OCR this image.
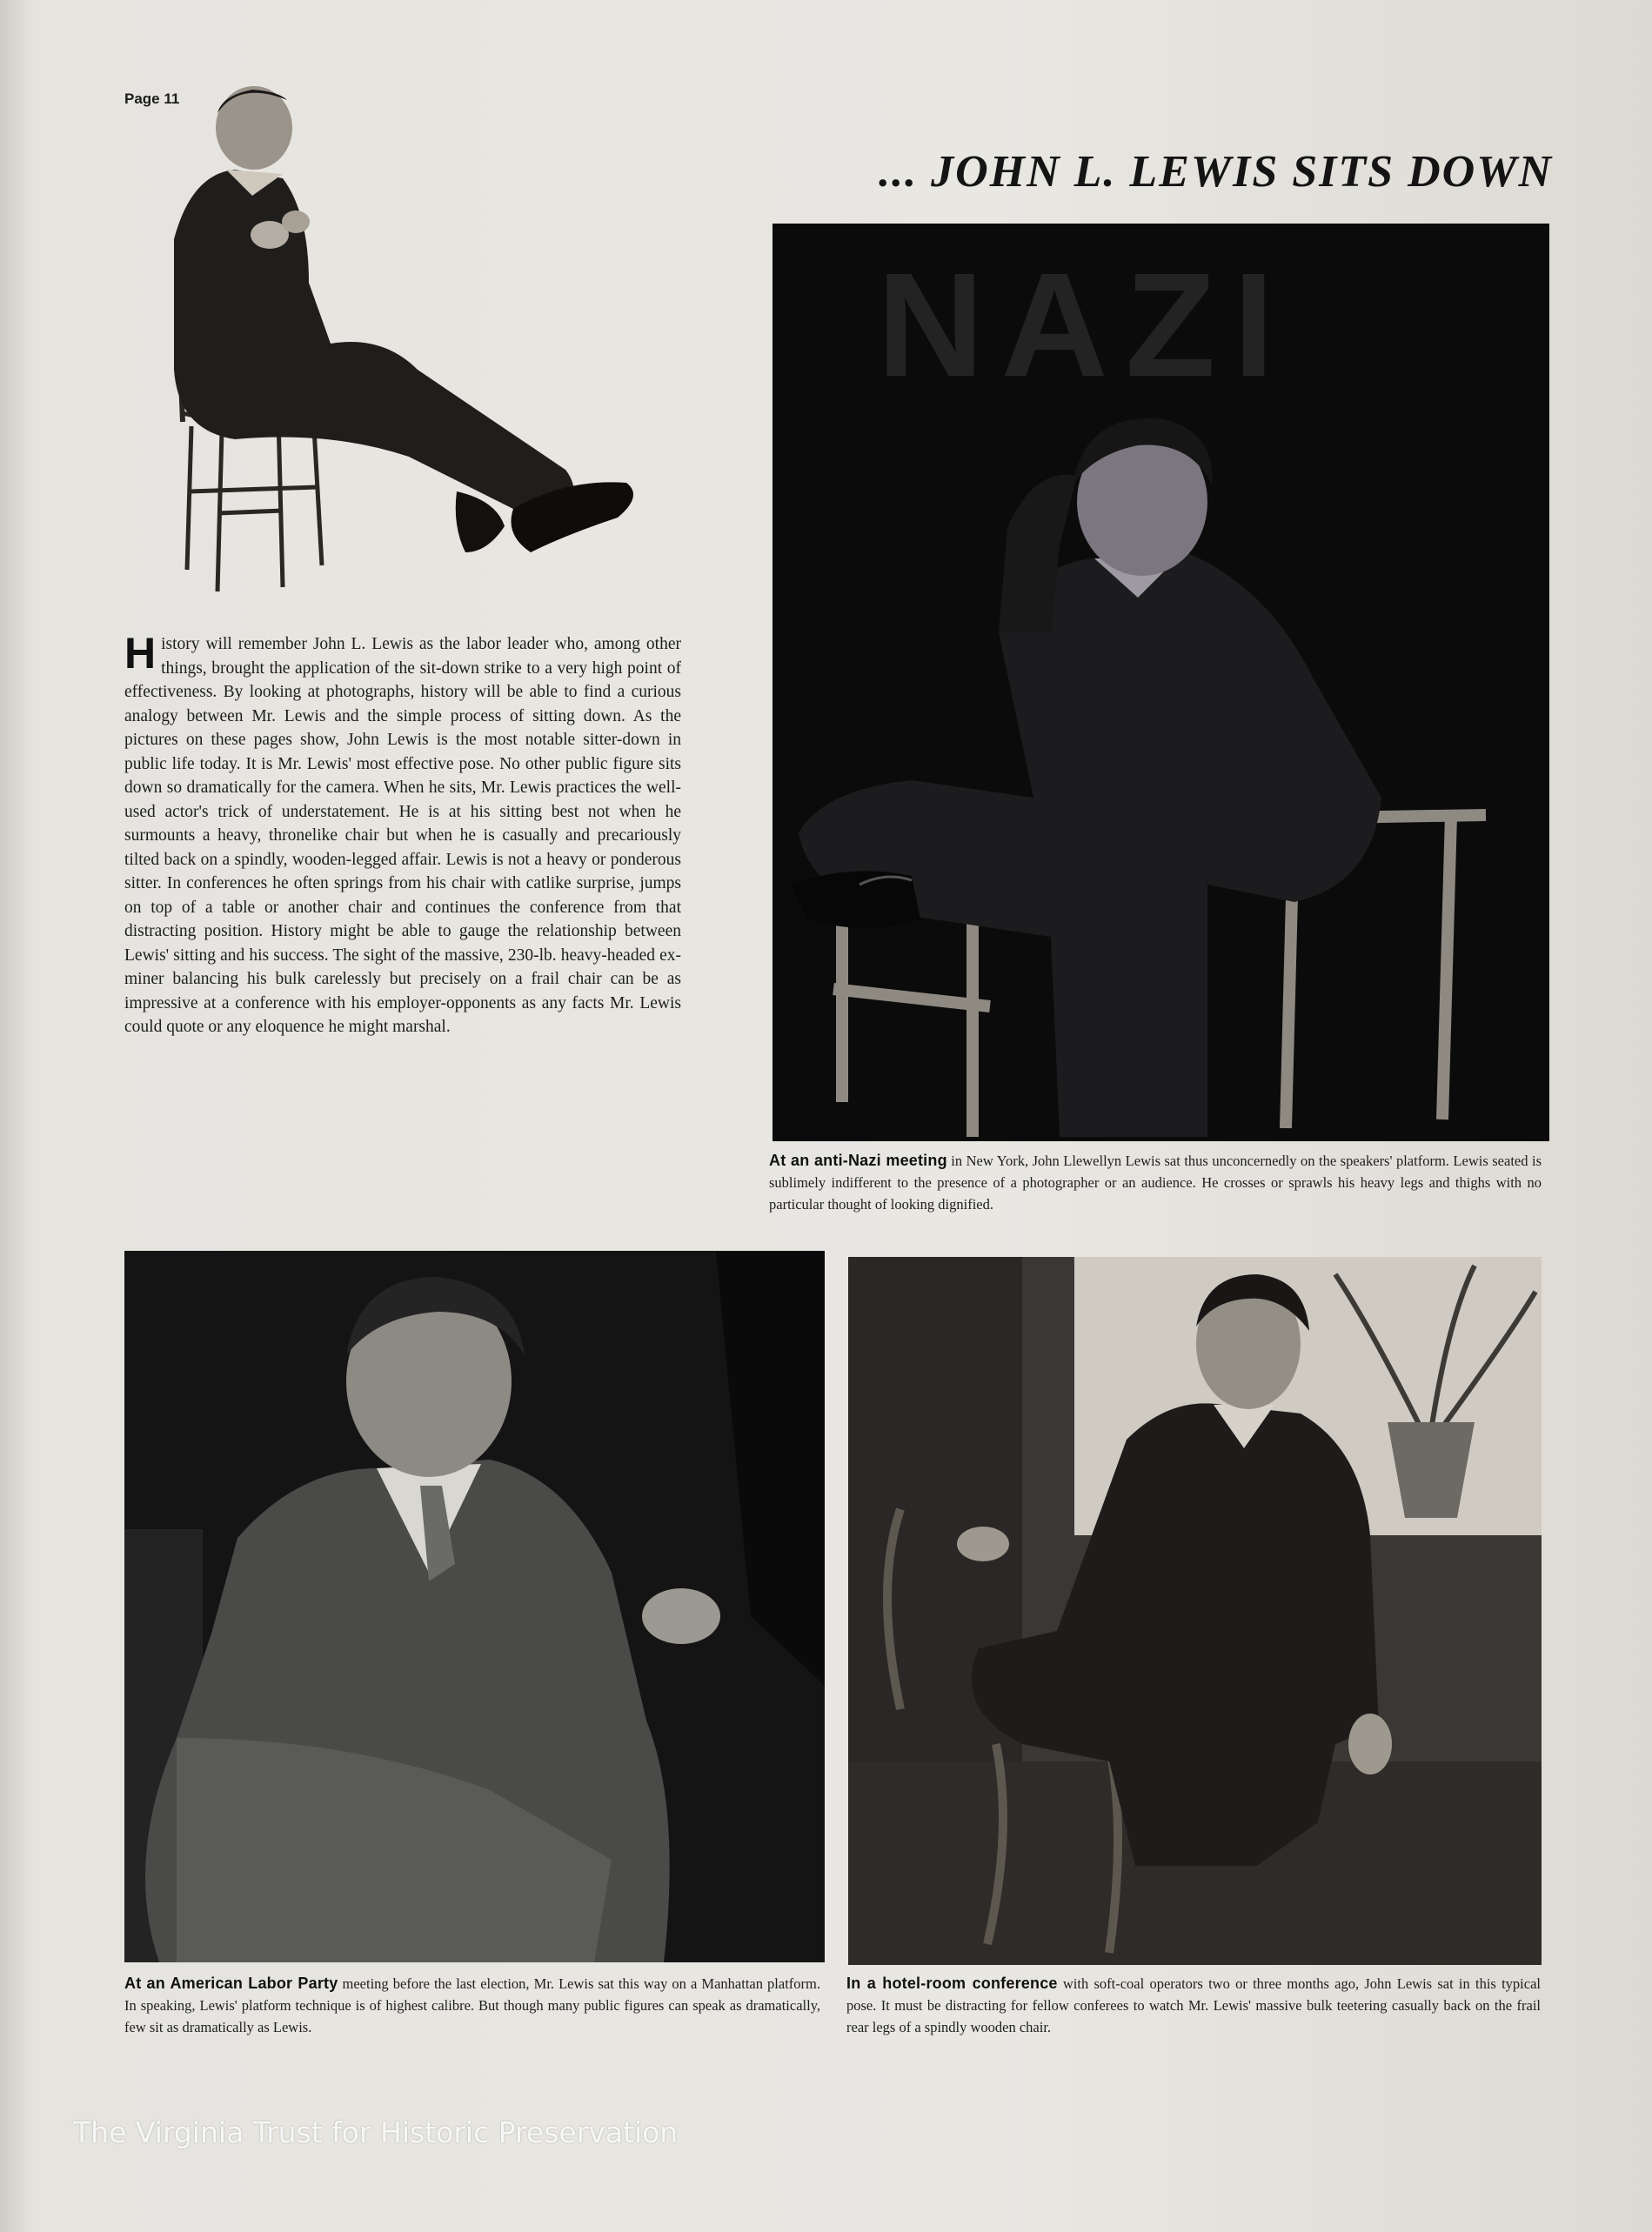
Page 11
... JOHN L. LEWIS SITS DOWN
History will remember John L. Lewis as the labor leader who, among other things, brought the application of the sit-down strike to a very high point of effectiveness. By looking at photographs, history will be able to find a curious analogy between Mr. Lewis and the simple process of sitting down. As the pictures on these pages show, John Lewis is the most notable sitter-down in public life today. It is Mr. Lewis' most effective pose. No other public figure sits down so dramatically for the camera. When he sits, Mr. Lewis practices the well-used actor's trick of understatement. He is at his sitting best not when he surmounts a heavy, thronelike chair but when he is casually and precariously tilted back on a spindly, wooden-legged affair. Lewis is not a heavy or ponderous sitter. In conferences he often springs from his chair with catlike surprise, jumps on top of a table or another chair and continues the conference from that distracting position. History might be able to gauge the relationship between Lewis' sitting and his success. The sight of the massive, 230-lb. heavy-headed ex-miner balancing his bulk carelessly but precisely on a frail chair can be as impressive at a conference with his employer-opponents as any facts Mr. Lewis could quote or any eloquence he might marshal.
NAZI
At an anti-Nazi meeting in New York, John Llewellyn Lewis sat thus unconcernedly on the speakers' platform. Lewis seated is sublimely indifferent to the presence of a photographer or an audience. He crosses or sprawls his heavy legs and thighs with no particular thought of looking dignified.
At an American Labor Party meeting before the last election, Mr. Lewis sat this way on a Manhattan platform. In speaking, Lewis' platform technique is of highest calibre. But though many public figures can speak as dramatically, few sit as dramatically as Lewis.
In a hotel-room conference with soft-coal operators two or three months ago, John Lewis sat in this typical pose. It must be distracting for fellow conferees to watch Mr. Lewis' massive bulk teetering casually back on the frail rear legs of a spindly wooden chair.
The Virginia Trust for Historic Preservation
